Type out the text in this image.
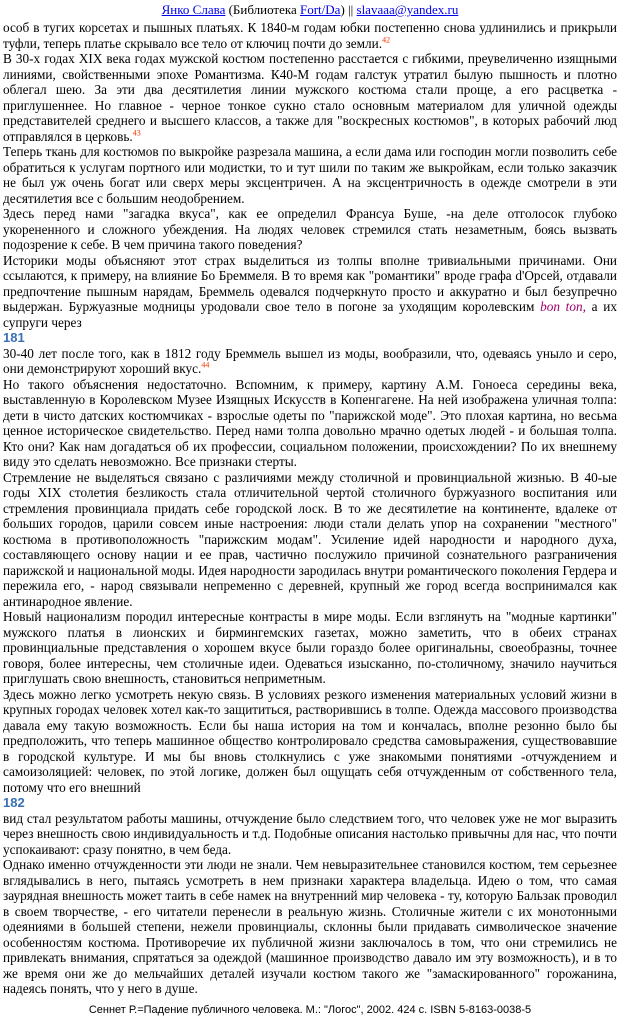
Янко Слава (Библиотека Fort/Da) || slavaaa@yandex.ru

особ в тугих корсетах и пышных платьях. К 1840-м годам юбки постепенно снова удлинились и прикрыли туфли, теперь платье скрывало все тело от ключиц почти до земли.$^{42}$

В 30-х годах XIX века годах мужской костюм постепенно расстается с гибкими, преувеличенно изящными линиями, свойственными эпохе Романтизма. К40-М годам галстук утратил былую пышность и плотно облегал шею. За эти два десятилетия линии мужского костюма стали проще, а его расцветка - приглушеннее. Но главное - черное тонкое сукно стало основным материалом для уличной одежды представителей среднего и высшего классов, а также для "воскресных костюмов", в которых рабочий люд отправлялся в церковь.$^{43}$

Теперь ткань для костюмов по выкройке разрезала машина, а если дама или господин могли позволить себе обратиться к услугам портного или модистки, то и тут шили по таким же выкройкам, если только заказчик не был уж очень богат или сверх меры эксцентричен. А на эксцентричность в одежде смотрели в эти десятилетия все с большим неодобрением.

Здесь перед нами "загадка вкуса", как ее определил Франсуа Буше, -на деле отголосок глубоко укорененного и сложного убеждения. На людях человек стремился стать незаметным, боясь вызвать подозрение к себе. В чем причина такого поведения?

Историки моды объясняют этот страх выделиться из толпы вполне тривиальными причинами. Они ссылаются, к примеру, на влияние Бо Бреммеля. В то время как "романтики" вроде графа d'Орсей, отдавали предпочтение пышным нарядам, Бреммель одевался подчеркнуто просто и аккуратно и был безупречно выдержан. Буржуазные модницы уродовали свое тело в погоне за уходящим королевским bon ton, а их супруги через

181

30-40 лет после того, как в 1812 году Бреммель вышел из моды, вообразили, что, одеваясь уныло и серо, они демонстрируют хороший вкус.$^{44}$

Но такого объяснения недостаточно. Вспомним, к примеру, картину А.М. Гоноеса середины века, выставленную в Королевском Музее Изящных Искусств в Копенгагене. На ней изображена уличная толпа: дети в чисто датских костюмчиках - взрослые одеты по "парижской моде". Это плохая картина, но весьма ценное историческое свидетельство. Перед нами толпа довольно мрачно одетых людей - и большая толпа. Кто они? Как нам догадаться об их профессии, социальном положении, происхождении? По их внешнему виду это сделать невозможно. Все признаки стерты.

Стремление не выделяться связано с различиями между столичной и провинциальной жизнью. В 40-ые годы XIX столетия безликость стала отличительной чертой столичного буржуазного воспитания или стремления провинциала придать себе городской лоск. В то же десятилетие на континенте, вдалеке от больших городов, царили совсем иные настроения: люди стали делать упор на сохранении "местного" костюма в противоположность "парижским модам". Усиление идей народности и народного духа, составляющего основу нации и ее прав, частично послужило причиной сознательного разграничения парижской и национальной моды. Идея народности зародилась внутри романтического поколения Гердера и пережила его, - народ связывали непременно с деревней, крупный же город всегда воспринимался как антинародное явление.

Новый национализм породил интересные контрасты в мире моды. Если взглянуть на "модные картинки" мужского платья в лионских и бирмингемских газетах, можно заметить, что в обеих странах провинциальные представления о хорошем вкусе были гораздо более оригинальны, своеобразны, точнее говоря, более интересны, чем столичные идеи. Одеваться изысканно, по-столичному, значило научиться приглушать свою внешность, становиться неприметным.

Здесь можно легко усмотреть некую связь. В условиях резкого изменения материальных условий жизни в крупных городах человек хотел как-то защититься, растворившись в толпе. Одежда массового производства давала ему такую возможность. Если бы наша история на том и кончалась, вполне резонно было бы предположить, что теперь машинное общество контролировало средства самовыражения, существовавшие в городской культуре. И мы бы вновь столкнулись с уже знакомыми понятиями -отчуждением и самоизоляцией: человек, по этой логике, должен был ощущать себя отчужденным от собственного тела, потому что его внешний

182

вид стал результатом работы машины, отчуждение было следствием того, что человек уже не мог выразить через внешность свою индивидуальность и т.д. Подобные описания настолько привычны для нас, что почти успокаивают: сразу понятно, в чем беда.

Однако именно отчужденности эти люди не знали. Чем невыразительнее становился костюм, тем серьезнее вглядывались в него, пытаясь усмотреть в нем признаки характера владельца. Идею о том, что самая заурядная внешность может таить в себе намек на внутренний мир человека - ту, которую Бальзак проводил в своем творчестве, - его читатели перенесли в реальную жизнь. Столичные жители с их монотонными одеяниями в большей степени, нежели провинциалы, склонны были придавать символическое значение особенностям костюма. Противоречие их публичной жизни заключалось в том, что они стремились не привлекать внимания, спрятаться за одеждой (машинное производство давало им эту возможность), и в то же время они же до мельчайших деталей изучали костюм такого же "замаскированного" горожанина, надеясь понять, что у него в душе.

Сеннет Р.=Падение публичного человека. М.: "Логос", 2002. 424 с. ISBN 5-8163-0038-5
